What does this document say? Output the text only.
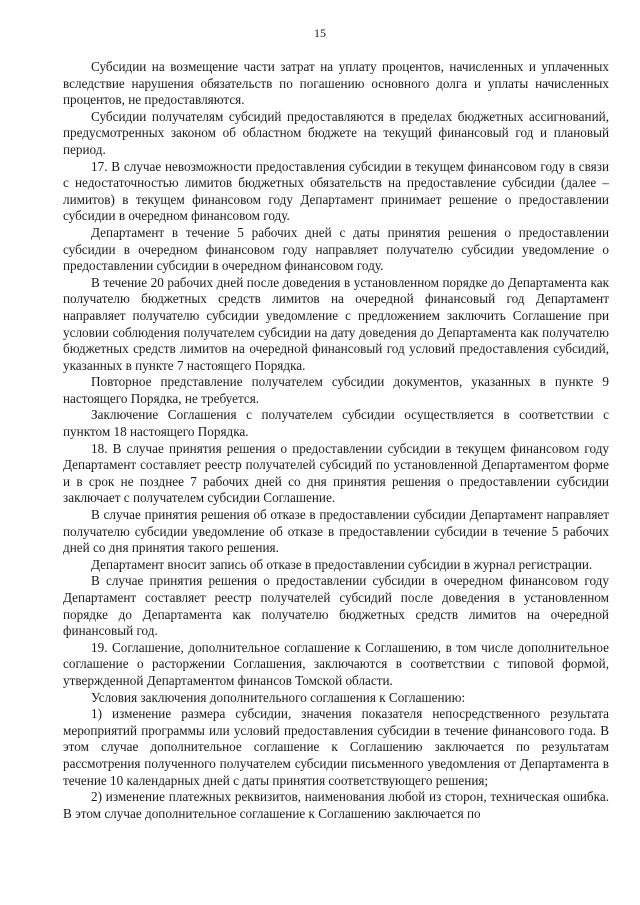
15

Субсидии на возмещение части затрат на уплату процентов, начисленных и уплаченных вследствие нарушения обязательств по погашению основного долга и уплаты начисленных процентов, не предоставляются.

Субсидии получателям субсидий предоставляются в пределах бюджетных ассигнований, предусмотренных законом об областном бюджете на текущий финансовый год и плановый период.

17. В случае невозможности предоставления субсидии в текущем финансовом году в связи с недостаточностью лимитов бюджетных обязательств на предоставление субсидии (далее – лимитов) в текущем финансовом году Департамент принимает решение о предоставлении субсидии в очередном финансовом году.

Департамент в течение 5 рабочих дней с даты принятия решения о предоставлении субсидии в очередном финансовом году направляет получателю субсидии уведомление о предоставлении субсидии в очередном финансовом году.

В течение 20 рабочих дней после доведения в установленном порядке до Департамента как получателю бюджетных средств лимитов на очередной финансовый год Департамент направляет получателю субсидии уведомление с предложением заключить Соглашение при условии соблюдения получателем субсидии на дату доведения до Департамента как получателю бюджетных средств лимитов на очередной финансовый год условий предоставления субсидий, указанных в пункте 7 настоящего Порядка.

Повторное представление получателем субсидии документов, указанных в пункте 9 настоящего Порядка, не требуется.

Заключение Соглашения с получателем субсидии осуществляется в соответствии с пунктом 18 настоящего Порядка.

18. В случае принятия решения о предоставлении субсидии в текущем финансовом году Департамент составляет реестр получателей субсидий по установленной Департаментом форме и в срок не позднее 7 рабочих дней со дня принятия решения о предоставлении субсидии заключает с получателем субсидии Соглашение.

В случае принятия решения об отказе в предоставлении субсидии Департамент направляет получателю субсидии уведомление об отказе в предоставлении субсидии в течение 5 рабочих дней со дня принятия такого решения.

Департамент вносит запись об отказе в предоставлении субсидии в журнал регистрации.

В случае принятия решения о предоставлении субсидии в очередном финансовом году Департамент составляет реестр получателей субсидий после доведения в установленном порядке до Департамента как получателю бюджетных средств лимитов на очередной финансовый год.

19. Соглашение, дополнительное соглашение к Соглашению, в том числе дополнительное соглашение о расторжении Соглашения, заключаются в соответствии с типовой формой, утвержденной Департаментом финансов Томской области.

Условия заключения дополнительного соглашения к Соглашению:

1) изменение размера субсидии, значения показателя непосредственного результата мероприятий программы или условий предоставления субсидии в течение финансового года. В этом случае дополнительное соглашение к Соглашению заключается по результатам рассмотрения полученного получателем субсидии письменного уведомления от Департамента в течение 10 календарных дней с даты принятия соответствующего решения;

2) изменение платежных реквизитов, наименования любой из сторон, техническая ошибка. В этом случае дополнительное соглашение к Соглашению заключается по
